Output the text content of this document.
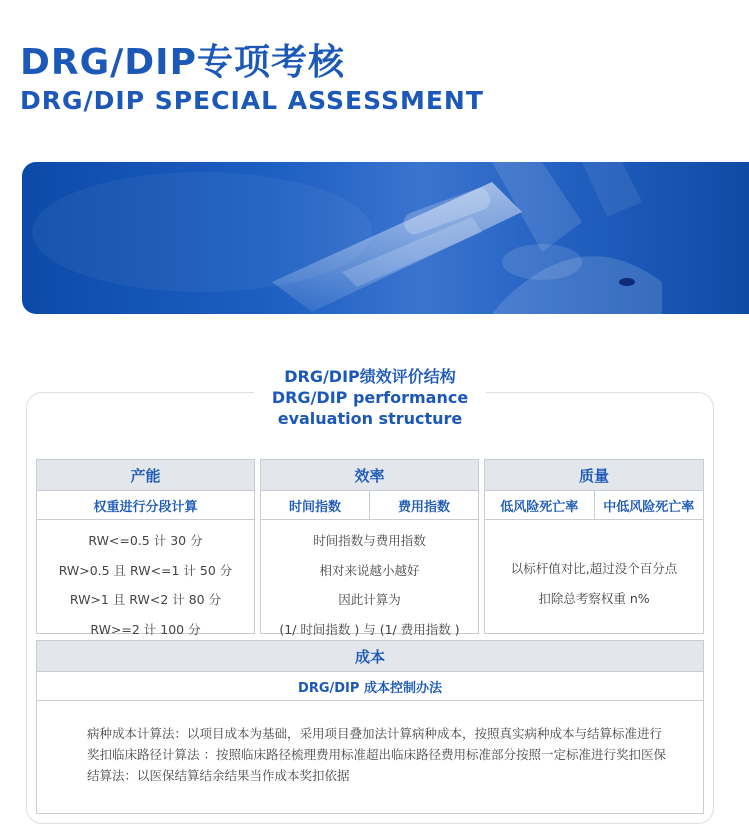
DRG/DIP专项考核
DRG/DIP SPECIAL ASSESSMENT
DRG/DIP绩效评价结构
DRG/DIP performance
evaluation structure
产能
权重进行分段计算
RW<=0.5 计 30 分
RW>0.5 且 RW<=1 计 50 分
RW>1 且 RW<2 计 80 分
RW>=2 计 100 分
效率
时间指数	费用指数
时间指数与费用指数
相对来说越小越好
因此计算为
(1/ 时间指数 ) 与 (1/ 费用指数 )
质量
低风险死亡率	中低风险死亡率
以标杆值对比,超过没个百分点
扣除总考察权重 n%
成本
DRG/DIP 成本控制办法
病种成本计算法：以项目成本为基础，采用项目叠加法计算病种成本，按照真实病种成本与结算标准进行奖扣临床路径计算法 ：按照临床路径梳理费用标准超出临床路径费用标准部分按照一定标准进行奖扣医保结算法：以医保结算结余结果当作成本奖扣依据
